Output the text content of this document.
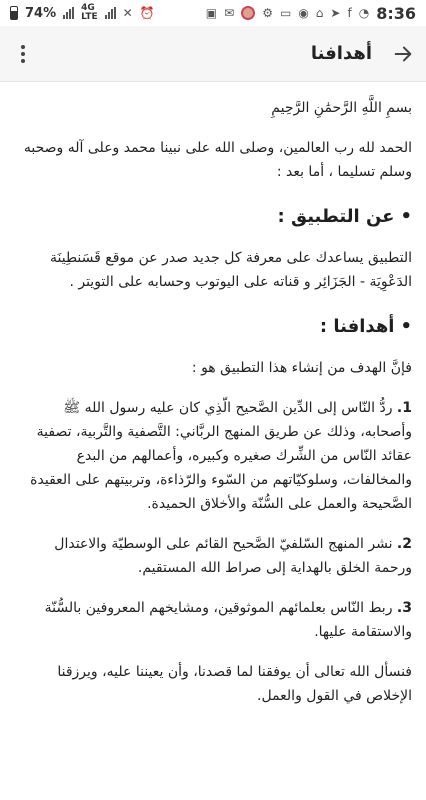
74%	4G
LTE ✕ ⏰	▣ ✉ ⚙ ▭ ◉ ⌂ ➤ f ◔ 8:36
أهدافنا

بسمِ اللَّهِ الرَّحمَٰنِ الرَّحِيمِ

الحمد لله رب العالمين، وصلى الله على نبينا محمد وعلى آله وصحبه وسلم تسليما ، أما بعد :

•عن التطبيق :

التطبيق يساعدك على معرفة كل جديد صدر عن موقع قَسَنطِينَة الدَعْوِيَة - الجَزَائِر و قناته على اليوتوب وحسابه على التويتر .

•أهدافنا :

فإنَّ الهدف من إنشاء هذا التطبيق هو :

1. ردُّ النّاس إلى الدِّين الصَّحيح الّذِي كان عليه رسول الله ﷺ وأصحابه، وذلك عن طريق المنهج الربَّاني: التَّصفية والتَّربية، تصفية عقائد النّاس من الشِّرك صغيره وكبيره، وأعمالهم من البدع والمخالفات، وسلوكيّاتهم من السّوء والرّذاءة، وتربيتهم على العقيدة الصَّحيحة والعمل على السُّنّة والأخلاق الحميدة.

2. نشر المنهج السّلفيّ الصَّحيح القائم على الوسطيّة والاعتدال ورحمة الخلق بالهداية إلى صراط الله المستقيم.

3. ربط النّاس بعلمائهم الموثوقين، ومشايخهم المعروفين بالسُّنّة والاستقامة عليها.

فنسأل الله تعالى أن يوفقنا لما قصدنا، وأن يعيننا عليه، ويرزقنا الإخلاص في القول والعمل.
